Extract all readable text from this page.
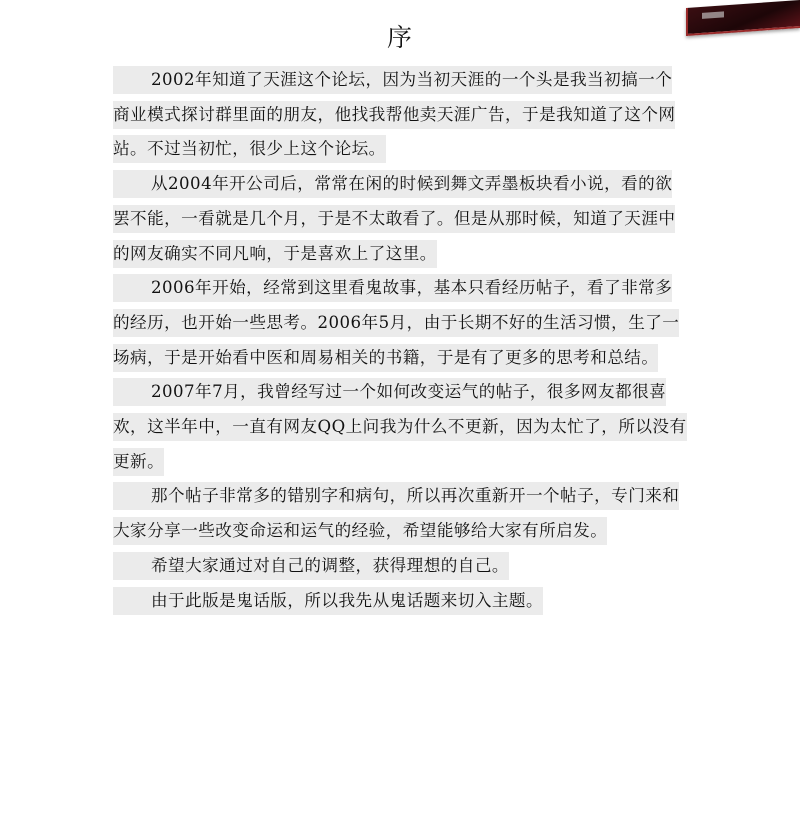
序

2002年知道了天涯这个论坛，因为当初天涯的一个头是我当初搞一个商业模式探讨群里面的朋友，他找我帮他卖天涯广告，于是我知道了这个网站。不过当初忙，很少上这个论坛。

从2004年开公司后，常常在闲的时候到舞文弄墨板块看小说，看的欲罢不能，一看就是几个月，于是不太敢看了。但是从那时候，知道了天涯中的网友确实不同凡响，于是喜欢上了这里。

2006年开始，经常到这里看鬼故事，基本只看经历帖子，看了非常多的经历，也开始一些思考。2006年5月，由于长期不好的生活习惯，生了一场病，于是开始看中医和周易相关的书籍，于是有了更多的思考和总结。

2007年7月，我曾经写过一个如何改变运气的帖子，很多网友都很喜欢，这半年中，一直有网友QQ上问我为什么不更新，因为太忙了，所以没有更新。

那个帖子非常多的错别字和病句，所以再次重新开一个帖子，专门来和大家分享一些改变命运和运气的经验，希望能够给大家有所启发。

希望大家通过对自己的调整，获得理想的自己。

由于此版是鬼话版，所以我先从鬼话题来切入主题。
